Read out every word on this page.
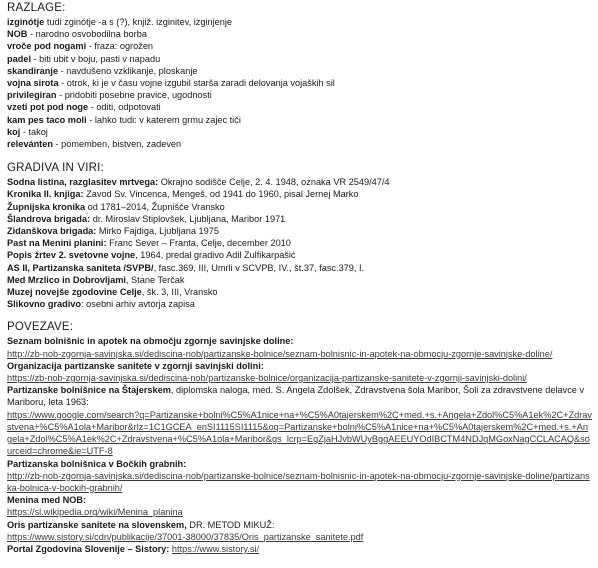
RAZLAGE:
izginótje tudi zginótje -a s (?), knjiž. izginitev, izginjenje
NOB - narodno osvobodilna borba
vroče pod nogami - fraza: ogrožen
padel - biti ubit v boju, pasti v napadu
skandiranje - navdušeno vzklikanje, ploskanje
vojna sirota - otrok, ki je v času vojne izgubil starša zaradi delovanja vojaških sil
privilegiran - pridobiti posebne pravice, ugodnosti
vzeti pot pod noge - oditi, odpotovati
kam pes taco moli - lahko tudi: v katerem grmu zajec tiči
koj - takoj
relevánten - pomemben, bistven, zadeven
GRADIVA IN VIRI:
Sodna listina, razglasitev mrtvega: Okrajno sodišče Celje, 2. 4. 1948, oznaka VR 2549/47/4
Kronika II. knjiga: Zavod Sv. Vincenca, Mengeš, od 1941 do 1960, pisal Jernej Marko
Župnijska kronika od 1781–2014, Župnišče Vransko
Šlandrova brigada: dr. Miroslav Stiplovšek, Ljubljana, Maribor 1971
Zidanškova brigada: Mirko Fajdiga, Ljubljana 1975
Past na Menini planini: Franc Sever – Franta, Celje, december 2010
Popis žrtev 2. svetovne vojne, 1964, predal gradivo Adil Zulfikarpašić
AS II, Partizanska saniteta /SVPB/, fasc.369, III, Umrli v SCVPB, IV., št.37, fasc.379, I.
Med Mrzlico in Dobrovljami, Stane Terčak
Muzej novejše zgodovine Celje, šk. 3, III, Vransko
Slikovno gradivo: osebni arhiv avtorja zapisa
POVEZAVE:
Seznam bolnišnic in apotek na območju zgornje savinjske doline:
http://zb-nob-zgornja-savinjska.si/dediscina-nob/partizanske-bolnice/seznam-bolnisnic-in-apotek-na-obmocju-zgornje-savinjske-doline/
Organizacija partizanske sanitete v zgornji savinjski dolini:
https://zb-nob-zgornja-savinjska.si/dediscina-nob/partizanske-bolnice/organizacija-partizanske-sanitete-v-zgornji-savinjski-dolini/
Partizanske bolnišnice na Štajerskem, diplomska naloga, med. S. Angela Zdolšek, Zdravstvena šola Maribor, Šoli za zdravstvene delavce v Mariboru, leta 1963:
https://www.google.com/search?q=Partizanske+bolni%C5%A1nice+na+%C5%A0tajerskem%2C+med.+s.+Angela+Zdol%C5%A1ek%2C+Zdravstvena+%C5%A1ola+Maribor&rlz=1C1GCEA_enSI1115SI1115&oq=Partizanske+bolni%C5%A1nice+na+%C5%A0tajerskem%2C+med.+s.+Angela+Zdol%C5%A1ek%2C+Zdravstvena+%C5%A1ola+Maribor&gs_lcrp=EgZjaHJvbWUyBggAEEUYOdIBCTM4NDJqMGoxNagCCLACAQ&sourceid=chrome&ie=UTF-8
Partizanska bolnišnica v Bočkih grabnih:
http://zb-nob-zgornja-savinjska.si/dediscina-nob/partizanske-bolnice/seznam-bolnisnic-in-apotek-na-obmocju-zgornje-savinjske-doline/partizanska-bolnica-v-bockih-grabnih/
Menina med NOB:
https://sl.wikipedia.org/wiki/Menina_planina
Oris partizanske sanitete na slovenskem, DR. METOD MIKUŽ:
https://www.sistory.si/cdn/publikacije/37001-38000/37835/Oris_partizanske_sanitete.pdf
Portal Zgodovina Slovenije – Sistory: https://www.sistory.si/
